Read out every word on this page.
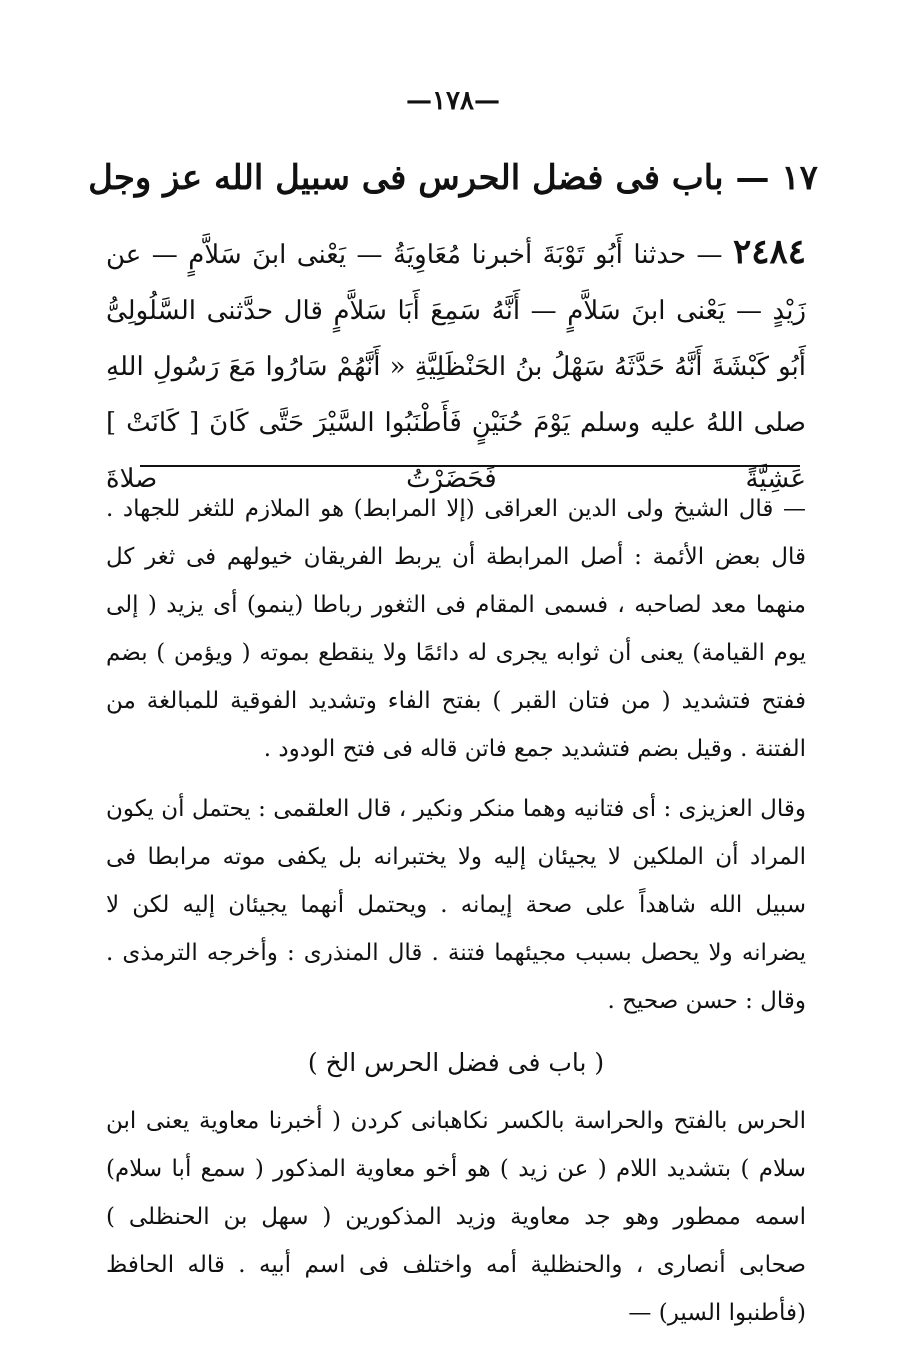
—١٧٨—
١٧ — باب فى فضل الحرس فى سبيل الله عز وجل

٢٤٨٤ — حدثنا أَبُو تَوْبَةَ أخبرنا مُعَاوِيَةُ — يَعْنى ابنَ سَلاَّمٍ — عن زَيْدٍ — يَعْنى ابنَ سَلاَّمٍ — أَنَّهُ سَمِعَ أَبَا سَلاَّمٍ قال حدَّثنى السَّلُولِىُّ أَبُو كَبْشَةَ أَنَّهُ حَدَّثَهُ سَهْلُ بنُ الحَنْظَلِيَّةِ « أَنَّهُمْ سَارُوا مَعَ رَسُولِ اللهِ صلى اللهُ عليه وسلم يَوْمَ حُنَيْنٍ فَأَطْنَبُوا السَّيْرَ حَتَّى كَانَ [ كَانَتْ ] عَشِيَّةً فَحَضَرْتُ صلاةَ

— قال الشيخ ولى الدين العراقى (إلا المرابط) هو الملازم للثغر للجهاد . قال بعض الأئمة : أصل المرابطة أن يربط الفريقان خيولهم فى ثغر كل منهما معد لصاحبه ، فسمى المقام فى الثغور رباطا (ينمو) أى يزيد ( إلى يوم القيامة) يعنى أن ثوابه يجرى له دائمًا ولا ينقطع بموته ( ويؤمن ) بضم ففتح فتشديد ( من فتان القبر ) بفتح الفاء وتشديد الفوقية للمبالغة من الفتنة . وقيل بضم فتشديد جمع فاتن قاله فى فتح الودود .

وقال العزيزى : أى فتانيه وهما منكر ونكير ، قال العلقمى : يحتمل أن يكون المراد أن الملكين لا يجيئان إليه ولا يختبرانه بل يكفى موته مرابطا فى سبيل الله شاهداً على صحة إيمانه . ويحتمل أنهما يجيئان إليه لكن لا يضرانه ولا يحصل بسبب مجيئهما فتنة . قال المنذرى : وأخرجه الترمذى . وقال : حسن صحيح .

( باب فى فضل الحرس الخ )

الحرس بالفتح والحراسة بالكسر نكاهبانى كردن ( أخبرنا معاوية يعنى ابن سلام ) بتشديد اللام ( عن زيد ) هو أخو معاوية المذكور ( سمع أبا سلام) اسمه ممطور وهو جد معاوية وزيد المذكورين ( سهل بن الحنظلى ) صحابى أنصارى ، والحنظلية أمه واختلف فى اسم أبيه . قاله الحافظ (فأطنبوا السير) —
